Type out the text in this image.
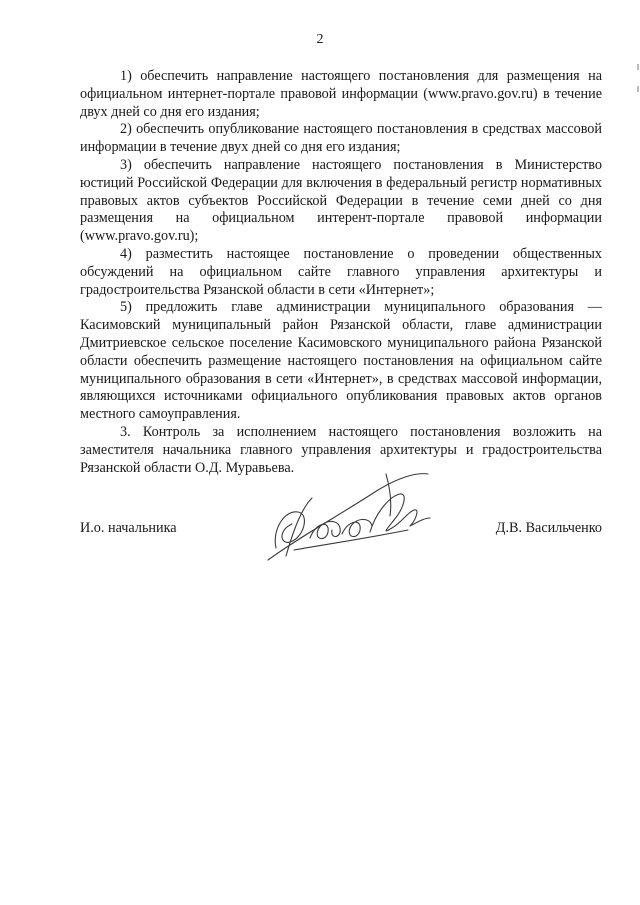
2

1) обеспечить направление настоящего постановления для размещения на официальном интернет-портале правовой информации (www.pravo.gov.ru) в течение двух дней со дня его издания;

2) обеспечить опубликование настоящего постановления в средствах массовой информации в течение двух дней со дня его издания;

3) обеспечить направление настоящего постановления в Министерство юстиций Российской Федерации для включения в федеральный регистр нормативных правовых актов субъектов Российской Федерации в течение семи дней со дня размещения на официальном интерент-портале правовой информации (www.pravo.gov.ru);

4) разместить настоящее постановление о проведении общественных обсуждений на официальном сайте главного управления архитектуры и градостроительства Рязанской области в сети «Интернет»;

5) предложить главе администрации муниципального образования — Касимовский муниципальный район Рязанской области, главе администрации Дмитриевское сельское поселение Касимовского муниципального района Рязанской области обеспечить размещение настоящего постановления на официальном сайте муниципального образования в сети «Интернет», в средствах массовой информации, являющихся источниками официального опубликования правовых актов органов местного самоуправления.

3. Контроль за исполнением настоящего постановления возложить на заместителя начальника главного управления архитектуры и градостроительства Рязанской области О.Д. Муравьева.

И.о. начальника	Д.В. Васильченко
